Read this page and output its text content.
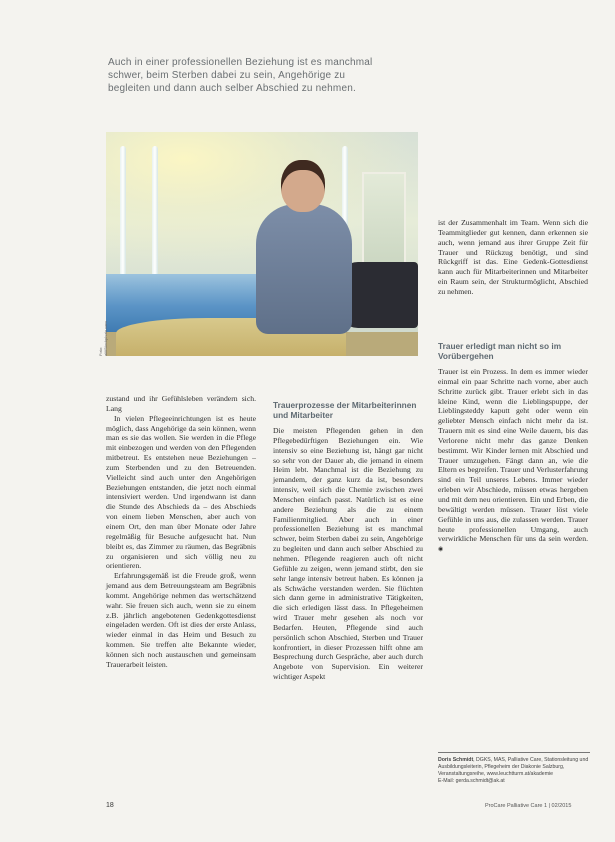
Auch in einer professionellen Beziehung ist es manchmal schwer, beim Sterben dabei zu sein, Angehörige zu begleiten und dann auch selber Abschied zu nehmen.
Foto: ali/iStockphoto.com

zustand und ihr Gefühlsleben verändern sich. Lang

In vielen Pflegeeinrichtungen ist es heute möglich, dass Angehörige da sein können, wenn man es sie das wollen. Sie werden in die Pflege mit einbezogen und werden von den Pflegenden mitbetreut. Es entstehen neue Beziehungen – zum Sterbenden und zu den Betreuenden. Vielleicht sind auch unter den Angehörigen Beziehungen entstanden, die jetzt noch einmal intensiviert werden. Und irgendwann ist dann die Stunde des Abschieds da – des Abschieds von einem lieben Menschen, aber auch von einem Ort, den man über Monate oder Jahre regelmäßig für Besuche aufgesucht hat. Nun bleibt es, das Zimmer zu räumen, das Begräbnis zu organisieren und sich völlig neu zu orientieren.

Erfahrungsgemäß ist die Freude groß, wenn jemand aus dem Betreuungsteam am Begräbnis kommt. Angehörige nehmen das wertschätzend wahr. Sie freuen sich auch, wenn sie zu einem z.B. jährlich angebotenen Gedenkgottesdienst eingeladen werden. Oft ist dies der erste Anlass, wieder einmal in das Heim und Besuch zu kommen. Sie treffen alte Bekannte wieder, können sich noch austauschen und gemeinsam Trauerarbeit leisten.

Trauerprozesse der Mitarbeiterinnen und Mitarbeiter

Die meisten Pflegenden gehen in den Pflegebedürftigen Beziehungen ein. Wie intensiv so eine Beziehung ist, hängt gar nicht so sehr von der Dauer ab, die jemand in einem Heim lebt. Manchmal ist die Beziehung zu jemandem, der ganz kurz da ist, besonders intensiv, weil sich die Chemie zwischen zwei Menschen einfach passt. Natürlich ist es eine andere Beziehung als die zu einem Familienmitglied. Aber auch in einer professionellen Beziehung ist es manchmal schwer, beim Sterben dabei zu sein, Angehörige zu begleiten und dann auch selber Abschied zu nehmen. Pflegende reagieren auch oft nicht Gefühle zu zeigen, wenn jemand stirbt, den sie sehr lange intensiv betreut haben. Es können ja als Schwäche verstanden werden. Sie flüchten sich dann gerne in administrative Tätigkeiten, die sich erledigen lässt dass. In Pflegeheimen wird Trauer mehr gesehen als noch vor Bedarfen. Heuten, Pflegende sind auch persönlich schon Abschied, Sterben und Trauer konfrontiert, in dieser Prozessen hilft ohne am Besprechung durch Gespräche, aber auch durch Angebote von Supervision. Ein weiterer wichtiger Aspekt

ist der Zusammenhalt im Team. Wenn sich die Teammitglieder gut kennen, dann erkennen sie auch, wenn jemand aus ihrer Gruppe Zeit für Trauer und Rückzug benötigt, und sind Rückgriff ist das. Eine Gedenk-Gottesdienst kann auch für Mitarbeiterinnen und Mitarbeiter ein Raum sein, der Strukturmöglicht, Abschied zu nehmen.

Trauer erledigt man nicht so im Vorübergehen

Trauer ist ein Prozess. In dem es immer wieder einmal ein paar Schritte nach vorne, aber auch Schritte zurück gibt. Trauer erlebt sich in das kleine Kind, wenn die Lieblingspuppe, der Lieblingsteddy kaputt geht oder wenn ein geliebter Mensch einfach nicht mehr da ist. Trauern mit es sind eine Weile dauern, bis das Verlorene nicht mehr das ganze Denken bestimmt. Wir Kinder lernen mit Abschied und Trauer umzugehen. Fängt dann an, wie die Eltern es begreifen. Trauer und Verlusterfahrung sind ein Teil unseres Lebens. Immer wieder erleben wir Abschiede, müssen etwas hergeben und mit dem neu orientieren. Ein und Erben, die bewältigt werden müssen. Trauer löst viele Gefühle in uns aus, die zulassen werden. Trauer heute professionellen Umgang, auch verwirkliche Menschen für uns da sein werden. ◉

Doris Schmidt, DGKS, MAS, Palliative Care, Stationsleitung und Ausbildungsleiterin, Pflegeheim der Diakonie Salzburg, Veranstaltungsreihe, www.leuchtturm.at/akademie
E-Mail: gerda.schmidt@ak.at
18	ProCare Palliative Care 1 | 02/2015
